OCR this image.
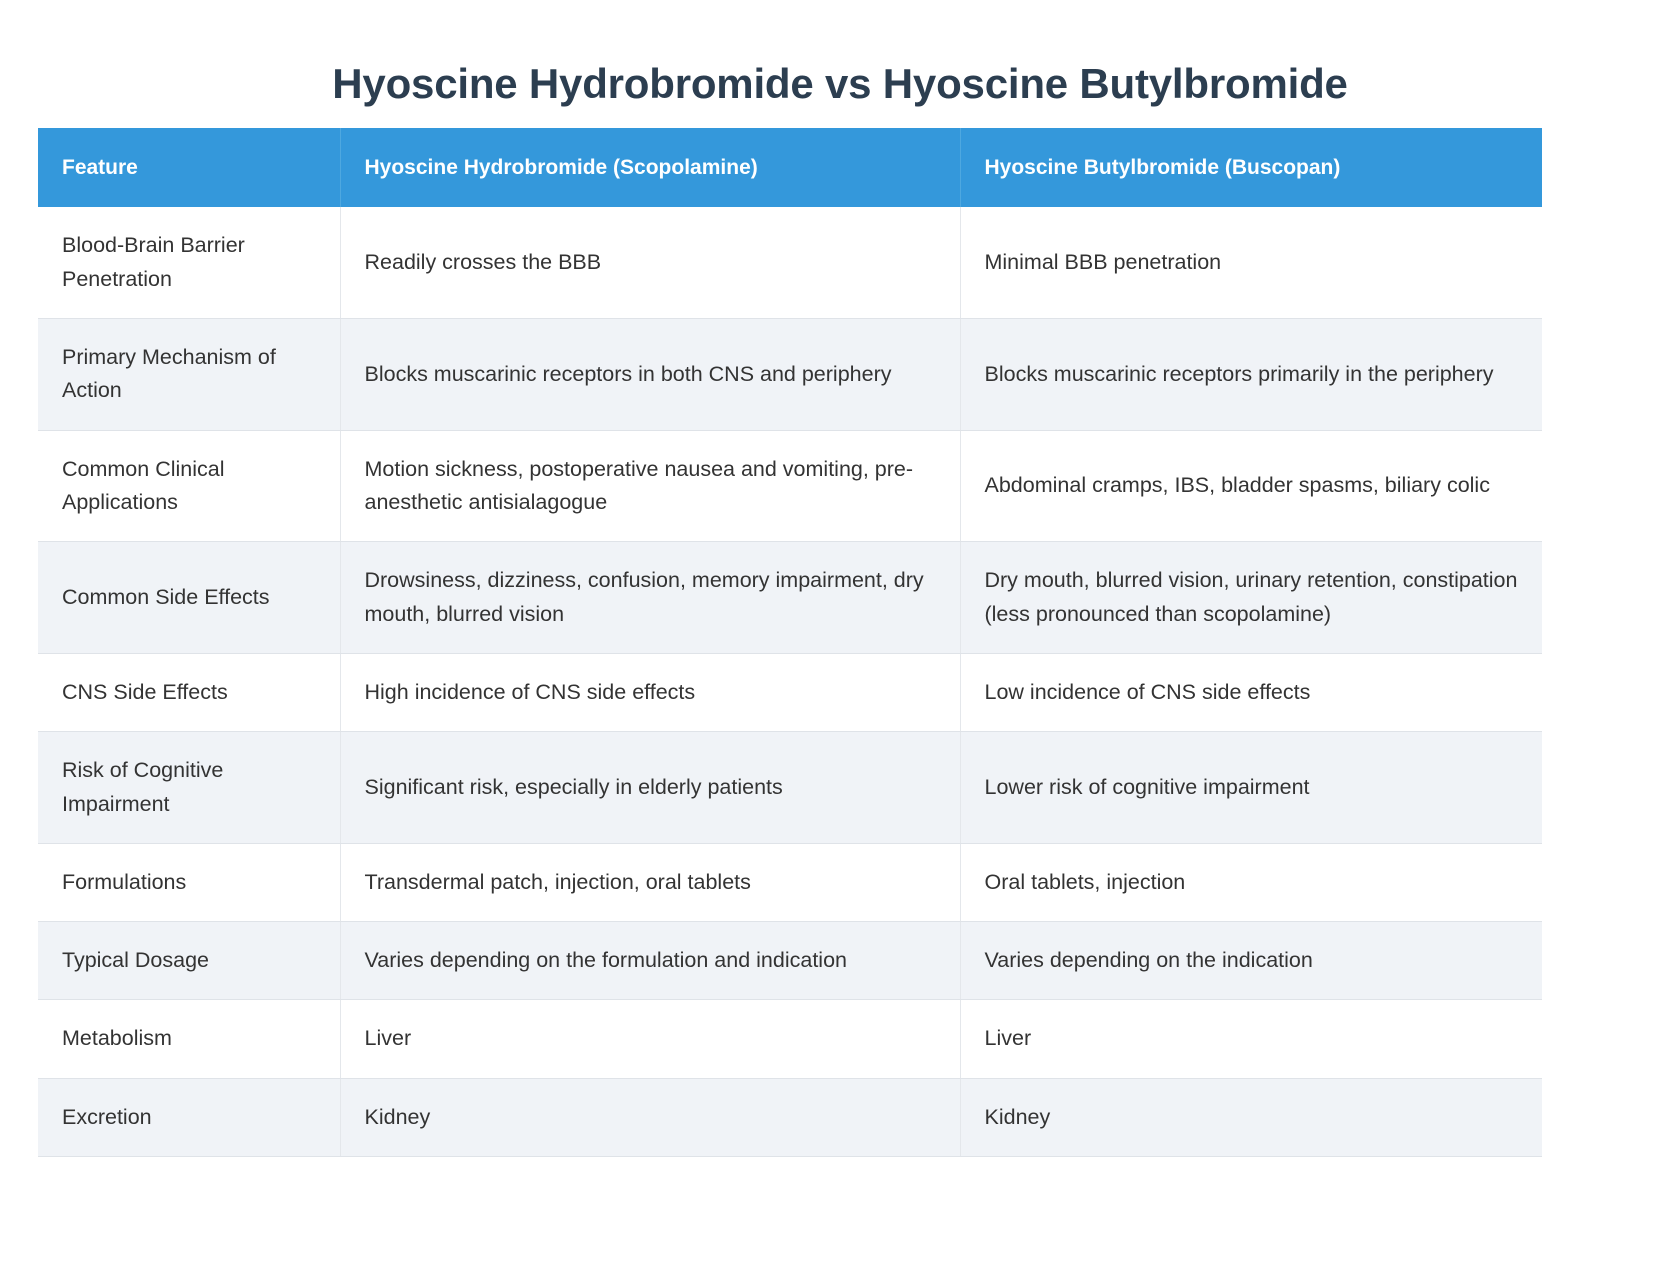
Hyoscine Hydrobromide vs Hyoscine Butylbromide
Feature	Hyoscine Hydrobromide (Scopolamine)	Hyoscine Butylbromide (Buscopan)
Blood-Brain Barrier Penetration	Readily crosses the BBB	Minimal BBB penetration
Primary Mechanism of Action	Blocks muscarinic receptors in both CNS and periphery	Blocks muscarinic receptors primarily in the periphery
Common Clinical Applications	Motion sickness, postoperative nausea and vomiting, pre-anesthetic antisialagogue	Abdominal cramps, IBS, bladder spasms, biliary colic
Common Side Effects	Drowsiness, dizziness, confusion, memory impairment, dry mouth, blurred vision	Dry mouth, blurred vision, urinary retention, constipation (less pronounced than scopolamine)
CNS Side Effects	High incidence of CNS side effects	Low incidence of CNS side effects
Risk of Cognitive Impairment	Significant risk, especially in elderly patients	Lower risk of cognitive impairment
Formulations	Transdermal patch, injection, oral tablets	Oral tablets, injection
Typical Dosage	Varies depending on the formulation and indication	Varies depending on the indication
Metabolism	Liver	Liver
Excretion	Kidney	Kidney
